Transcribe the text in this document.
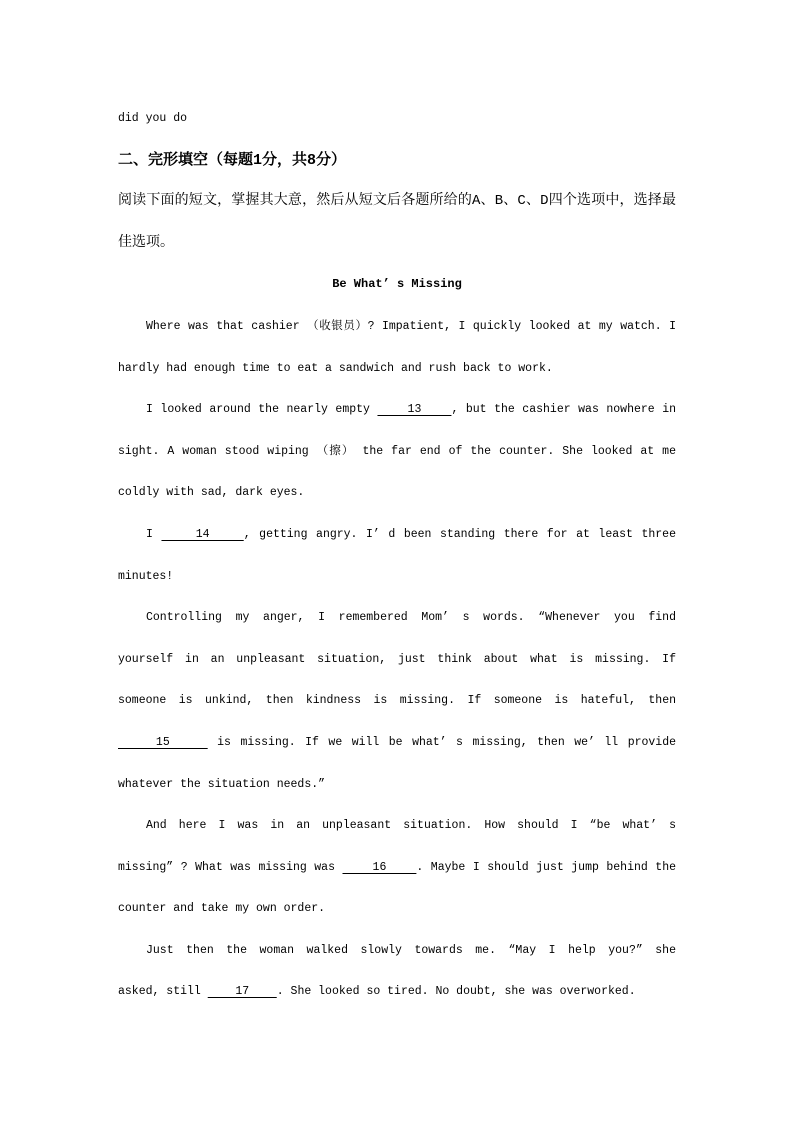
did you do
二、完形填空（每题1分，共8分）
阅读下面的短文，掌握其大意，然后从短文后各题所给的A、B、C、D四个选项中，选择最
佳选项。
Be What’ s Missing
Where was that cashier （收银员）? Impatient, I quickly looked at my watch. I
hardly had enough time to eat a sandwich and rush back to work.
I looked around the nearly empty     13    , but the cashier was nowhere in
sight. A woman stood wiping （擦） the far end of the counter. She looked at me
coldly with sad, dark eyes.
I     14    , getting angry. I’ d been standing there for at least three
minutes!
Controlling my anger, I remembered Mom’ s words. “Whenever you find
yourself in an unpleasant situation, just think about what is missing. If
someone is unkind, then kindness is missing. If someone is hateful, then
15     is missing. If we will be what’ s missing, then we’ ll provide
whatever the situation needs.”
And here I was in an unpleasant situation. How should I “be what’ s
missing” ? What was missing was     16    . Maybe I should just jump behind the
counter and take my own order.
Just then the woman walked slowly towards me. “May I help you?” she
asked, still     17    . She looked so tired. No doubt, she was overworked.
